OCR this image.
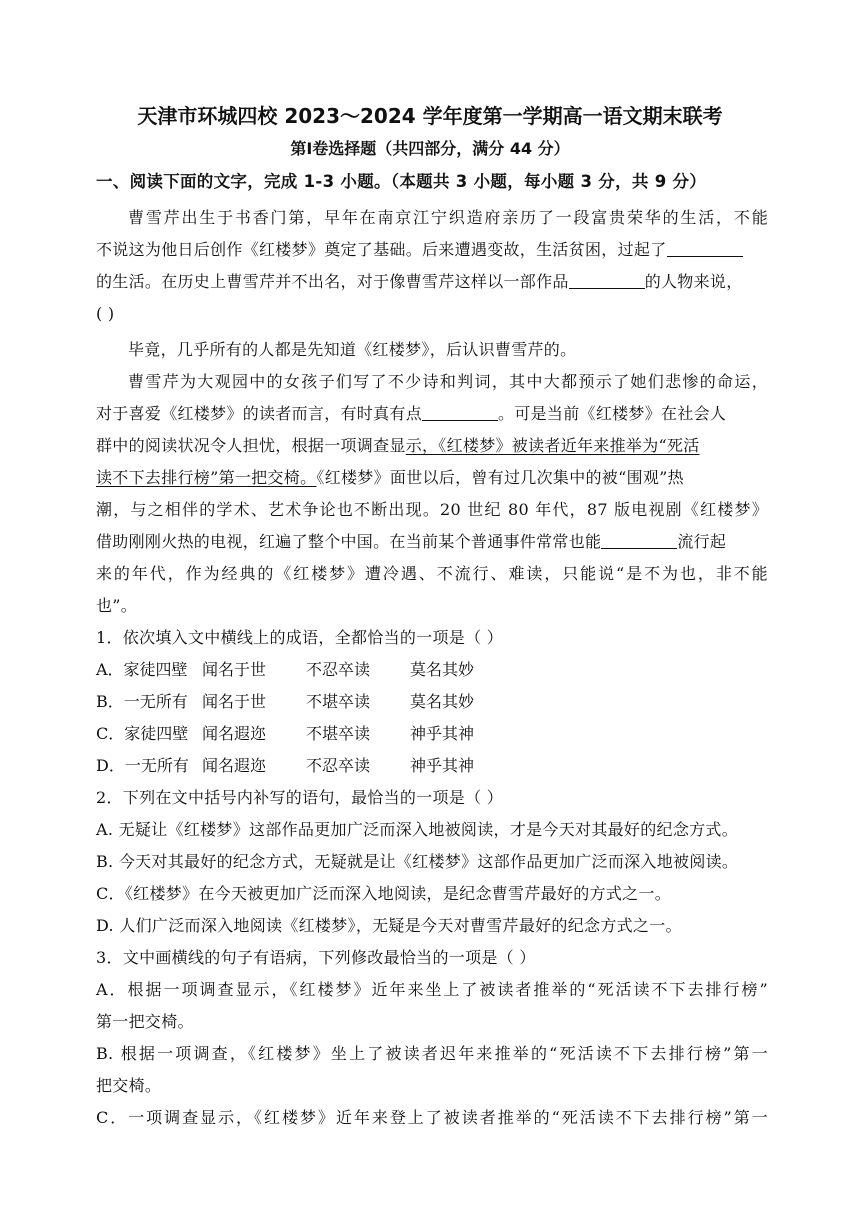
天津市环城四校 2023～2024 学年度第一学期高一语文期末联考
第Ⅰ卷选择题（共四部分，满分 44 分）
一、阅读下面的文字，完成 1-3 小题。（本题共 3 小题，每小题 3 分，共 9 分）
曹雪芹出生于书香门第，早年在南京江宁织造府亲历了一段富贵荣华的生活，不能
不说这为他日后创作《红楼梦》奠定了基础。后来遭遇变故，生活贫困，过起了
的生活。在历史上曹雪芹并不出名，对于像曹雪芹这样以一部作品	的人物来说，
( )
毕竟，几乎所有的人都是先知道《红楼梦》，后认识曹雪芹的。
曹雪芹为大观园中的女孩子们写了不少诗和判词，其中大都预示了她们悲惨的命运，
对于喜爱《红楼梦》的读者而言，有时真有点	。可是当前《红楼梦》在社会人
群中的阅读状况令人担忧，根据一项调查显示，《红楼梦》被读者近年来推举为“死活
读不下去排行榜”第一把交椅。《红楼梦》面世以后，曾有过几次集中的被“围观”热
潮，与之相伴的学术、艺术争论也不断出现。20 世纪 80 年代，87 版电视剧《红楼梦》
借助刚刚火热的电视，红遍了整个中国。在当前某个普通事件常常也能	流行起
来的年代，作为经典的《红楼梦》遭冷遇、不流行、难读，只能说“是不为也，非不能
也”。
1．依次填入文中横线上的成语，全都恰当的一项是（ ）
A．家徒四壁 闻名于世 不忍卒读 莫名其妙
B．一无所有 闻名于世 不堪卒读 莫名其妙
C．家徒四壁 闻名遐迩 不堪卒读 神乎其神
D．一无所有 闻名遐迩 不忍卒读 神乎其神
2．下列在文中括号内补写的语句，最恰当的一项是（ ）
A. 无疑让《红楼梦》这部作品更加广泛而深入地被阅读，才是今天对其最好的纪念方式。
B. 今天对其最好的纪念方式，无疑就是让《红楼梦》这部作品更加广泛而深入地被阅读。
C．《红楼梦》在今天被更加广泛而深入地阅读，是纪念曹雪芹最好的方式之一。
D. 人们广泛而深入地阅读《红楼梦》，无疑是今天对曹雪芹最好的纪念方式之一。
3．文中画横线的句子有语病，下列修改最恰当的一项是（ ）
A．根据一项调查显示，《红楼梦》近年来坐上了被读者推举的“死活读不下去排行榜”
第一把交椅。
B. 根据一项调查，《红楼梦》坐上了被读者迟年来推举的“死活读不下去排行榜”第一
把交椅。
C．一项调查显示，《红楼梦》近年来登上了被读者推举的“死活读不下去排行榜”第一
